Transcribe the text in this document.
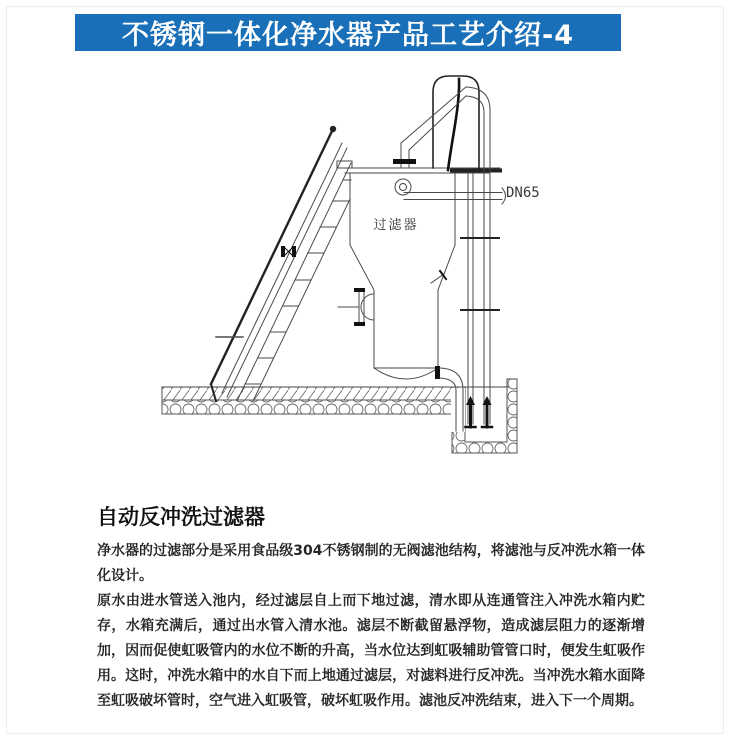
不锈钢一体化净水器产品工艺介绍-4
过滤器
DN65
自动反冲洗过滤器

净水器的过滤部分是采用食品级304不锈钢制的无阀滤池结构，将滤池与反冲洗水箱一体化设计。

原水由进水管送入池内，经过滤层自上而下地过滤，清水即从连通管注入冲洗水箱内贮存，水箱充满后，通过出水管入清水池。滤层不断截留悬浮物，造成滤层阻力的逐渐增加，因而促使虹吸管内的水位不断的升高，当水位达到虹吸辅助管管口时，便发生虹吸作用。这时，冲洗水箱中的水自下而上地通过滤层，对滤料进行反冲洗。当冲洗水箱水面降至虹吸破坏管时，空气进入虹吸管，破坏虹吸作用。滤池反冲洗结束，进入下一个周期。
